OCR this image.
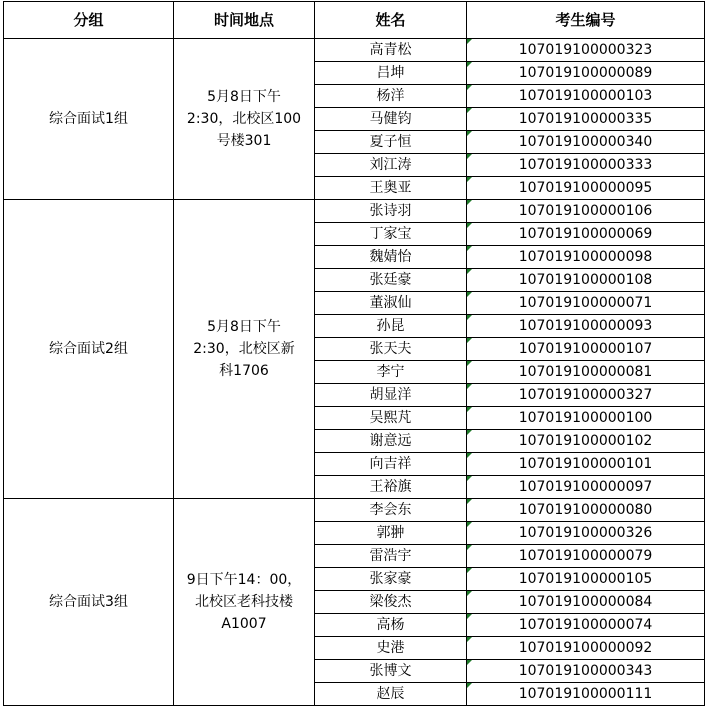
分组	时间地点	姓名	考生编号
综合面试1组	5月8日下午
2:30，北校区100
号楼301	高青松	107019100000323
		吕坤	107019100000089
		杨洋	107019100000103
		马健钧	107019100000335
		夏子恒	107019100000340
		刘江涛	107019100000333
		王奥亚	107019100000095
综合面试2组	5月8日下午
2:30，北校区新
科1706	张诗羽	107019100000106
		丁家宝	107019100000069
		魏婧怡	107019100000098
		张廷豪	107019100000108
		董淑仙	107019100000071
		孙昆	107019100000093
		张天夫	107019100000107
		李宁	107019100000081
		胡显洋	107019100000327
		吴熙芃	107019100000100
		谢意远	107019100000102
		向吉祥	107019100000101
		王裕旗	107019100000097
综合面试3组	9日下午14：00，
北校区老科技楼
A1007	李会东	107019100000080
		郭翀	107019100000326
		雷浩宇	107019100000079
		张家豪	107019100000105
		梁俊杰	107019100000084
		高杨	107019100000074
		史港	107019100000092
		张博文	107019100000343
		赵辰	107019100000111
